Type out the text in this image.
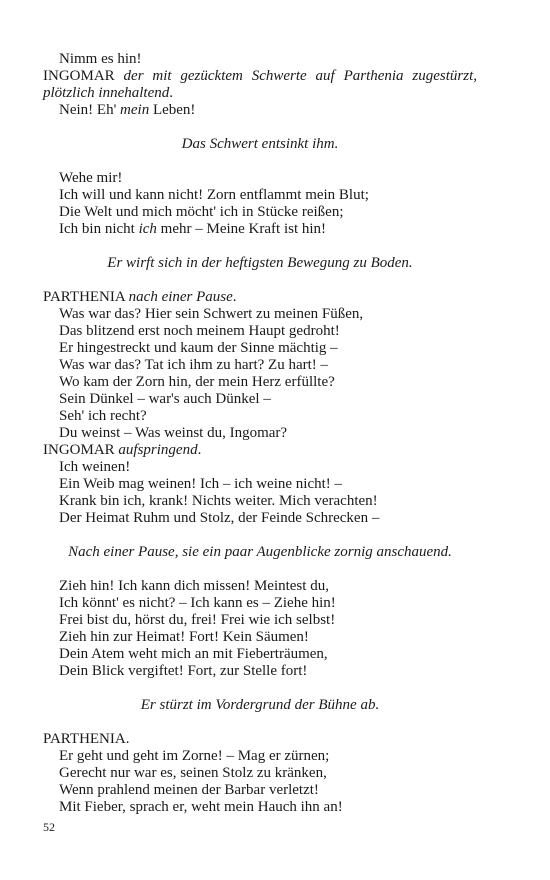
Nimm es hin!
INGOMAR der mit gezücktem Schwerte auf Parthenia zugestürzt,
plötzlich innehaltend.
Nein! Eh' mein Leben!
Das Schwert entsinkt ihm.
Wehe mir!
Ich will und kann nicht! Zorn entflammt mein Blut;
Die Welt und mich möcht' ich in Stücke reißen;
Ich bin nicht ich mehr – Meine Kraft ist hin!
Er wirft sich in der heftigsten Bewegung zu Boden.
PARTHENIA nach einer Pause.
Was war das? Hier sein Schwert zu meinen Füßen,
Das blitzend erst noch meinem Haupt gedroht!
Er hingestreckt und kaum der Sinne mächtig –
Was war das? Tat ich ihm zu hart? Zu hart! –
Wo kam der Zorn hin, der mein Herz erfüllte?
Sein Dünkel – war's auch Dünkel –
Seh' ich recht?
Du weinst – Was weinst du, Ingomar?
INGOMAR aufspringend.
Ich weinen!
Ein Weib mag weinen! Ich – ich weine nicht! –
Krank bin ich, krank! Nichts weiter. Mich verachten!
Der Heimat Ruhm und Stolz, der Feinde Schrecken –
Nach einer Pause, sie ein paar Augenblicke zornig anschauend.
Zieh hin! Ich kann dich missen! Meintest du,
Ich könnt' es nicht? – Ich kann es – Ziehe hin!
Frei bist du, hörst du, frei! Frei wie ich selbst!
Zieh hin zur Heimat! Fort! Kein Säumen!
Dein Atem weht mich an mit Fieberträumen,
Dein Blick vergiftet! Fort, zur Stelle fort!
Er stürzt im Vordergrund der Bühne ab.
PARTHENIA.
Er geht und geht im Zorne! – Mag er zürnen;
Gerecht nur war es, seinen Stolz zu kränken,
Wenn prahlend meinen der Barbar verletzt!
Mit Fieber, sprach er, weht mein Hauch ihn an!
52
